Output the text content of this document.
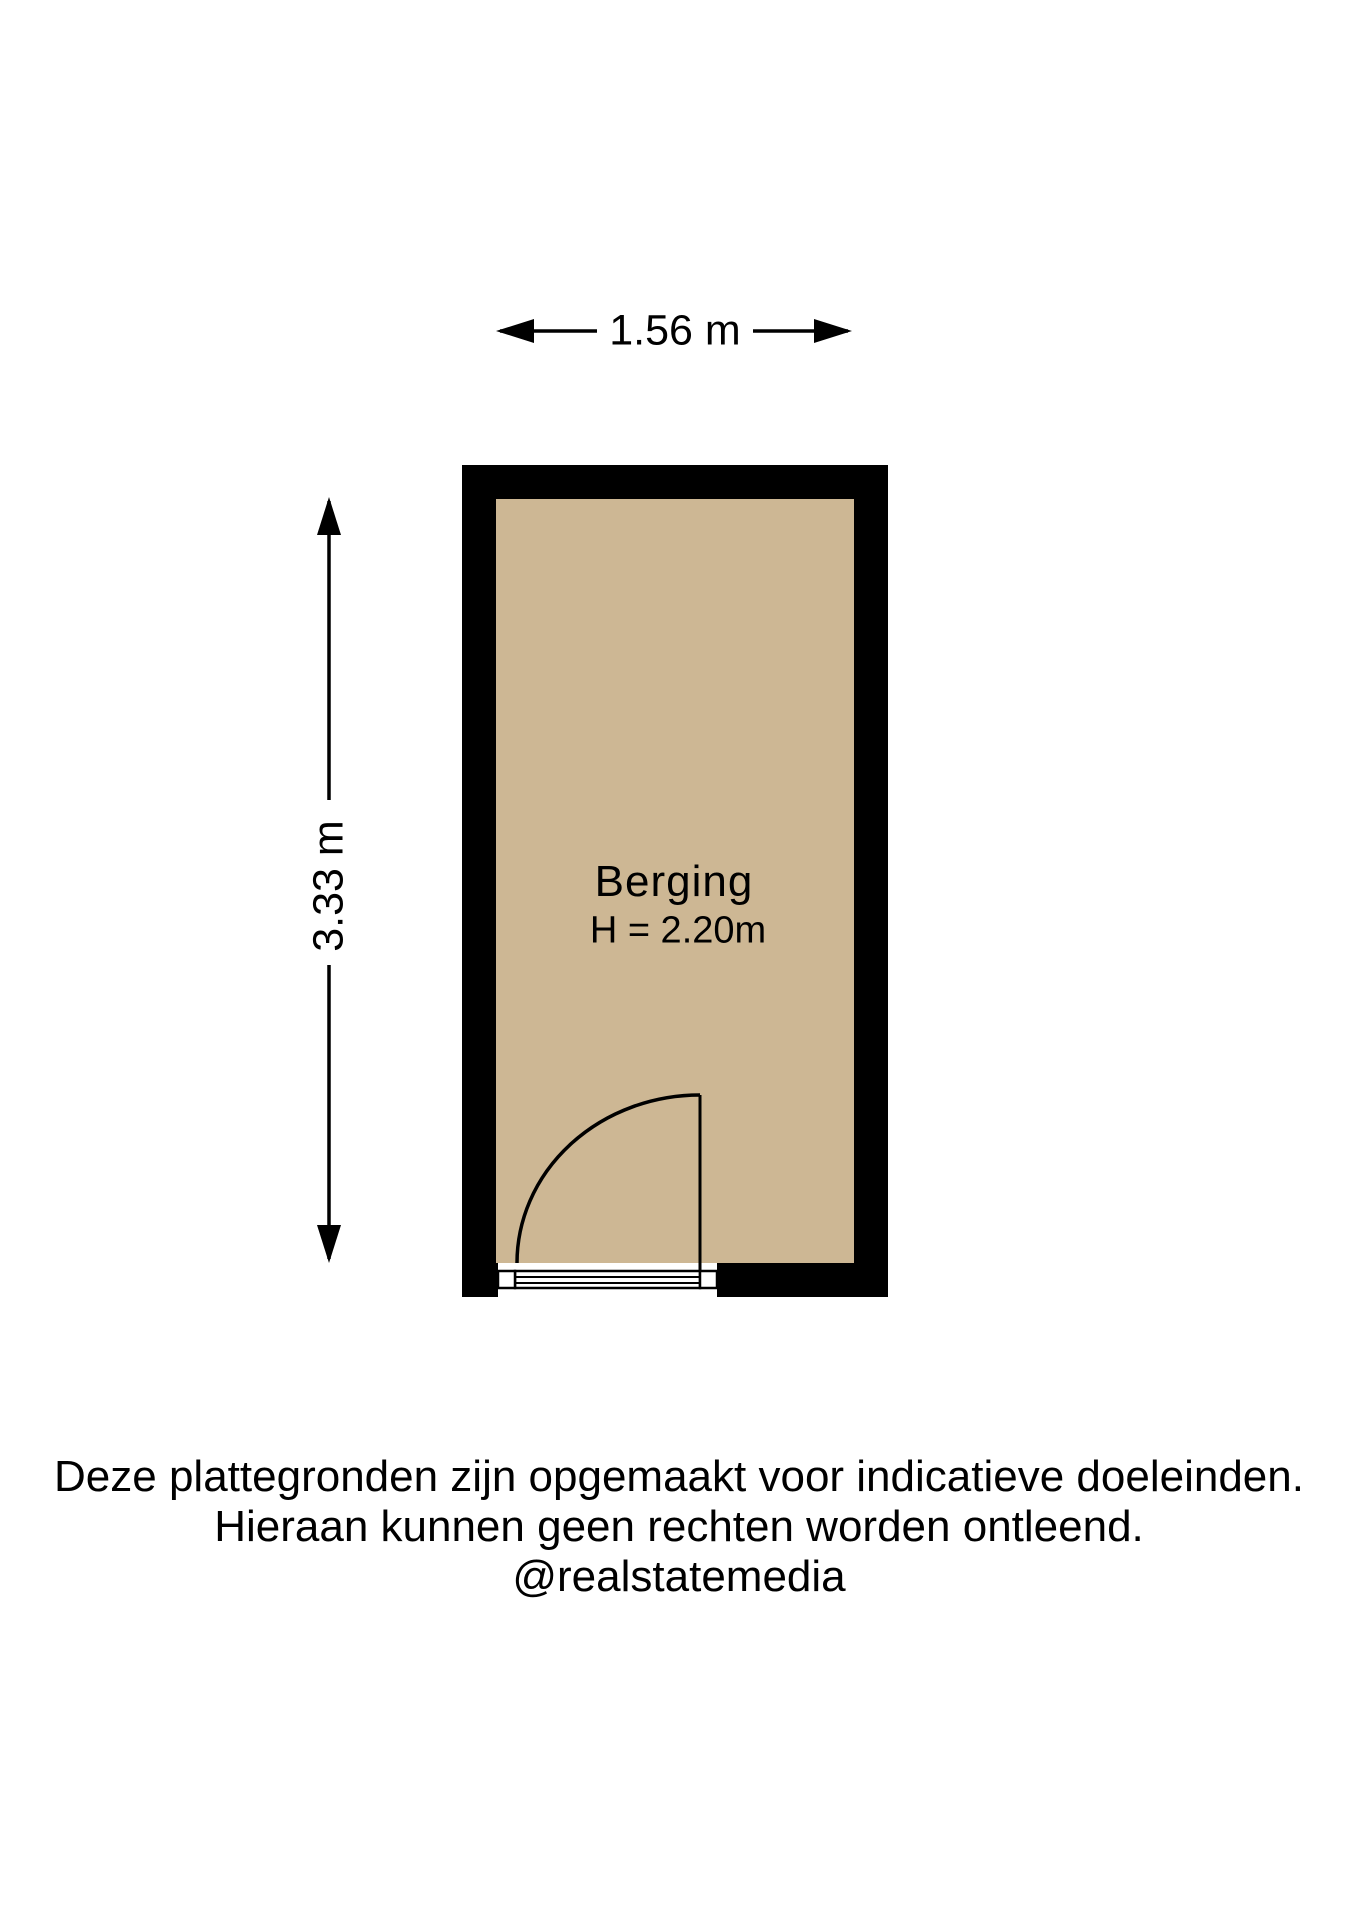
1.56 m
3.33 m	Berging
H = 2.20m
Deze plattegronden zijn opgemaakt voor indicatieve doeleinden.
Hieraan kunnen geen rechten worden ontleend.
@realstatemedia
